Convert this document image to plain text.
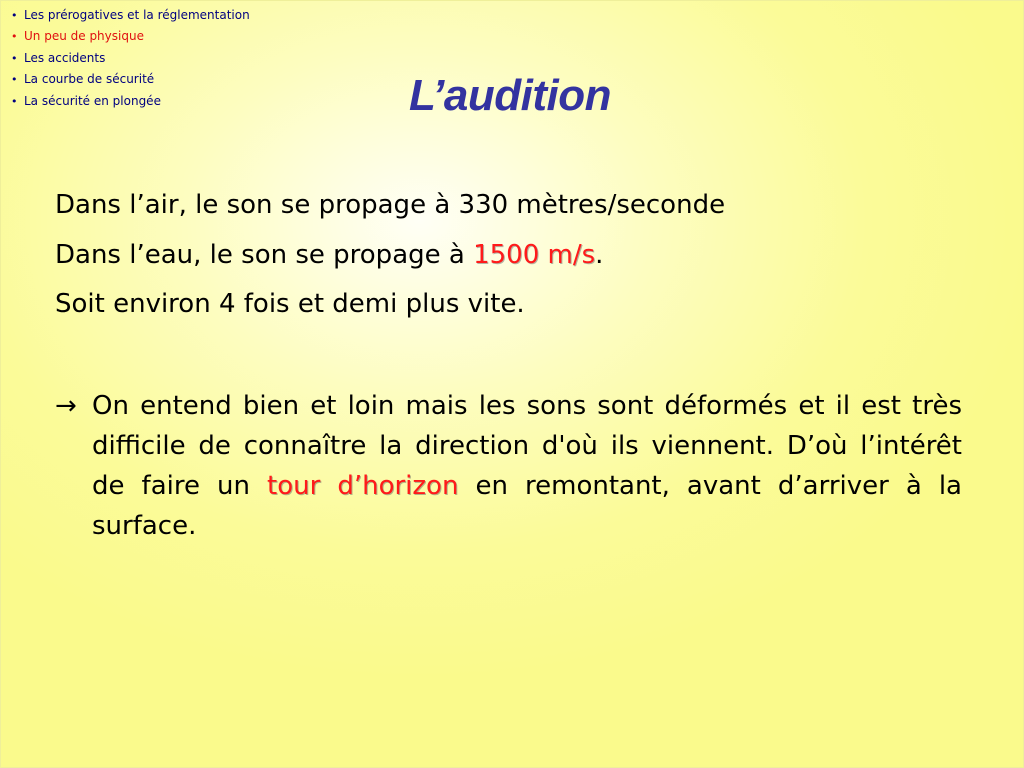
• Les prérogatives et la réglementation
• Un peu de physique
• Les accidents
• La courbe de sécurité
• La sécurité en plongée	L’audition

Dans l’air, le son se propage à 330 mètres/seconde

Dans l’eau, le son se propage à 1500 m/s.

Soit environ 4 fois et demi plus vite.

→ On entend bien et loin mais les sons sont déformés et il est très difficile de connaître la direction d'où ils viennent. D’où l’intérêt de faire un tour d’horizon en remontant, avant d’arriver à la surface.
